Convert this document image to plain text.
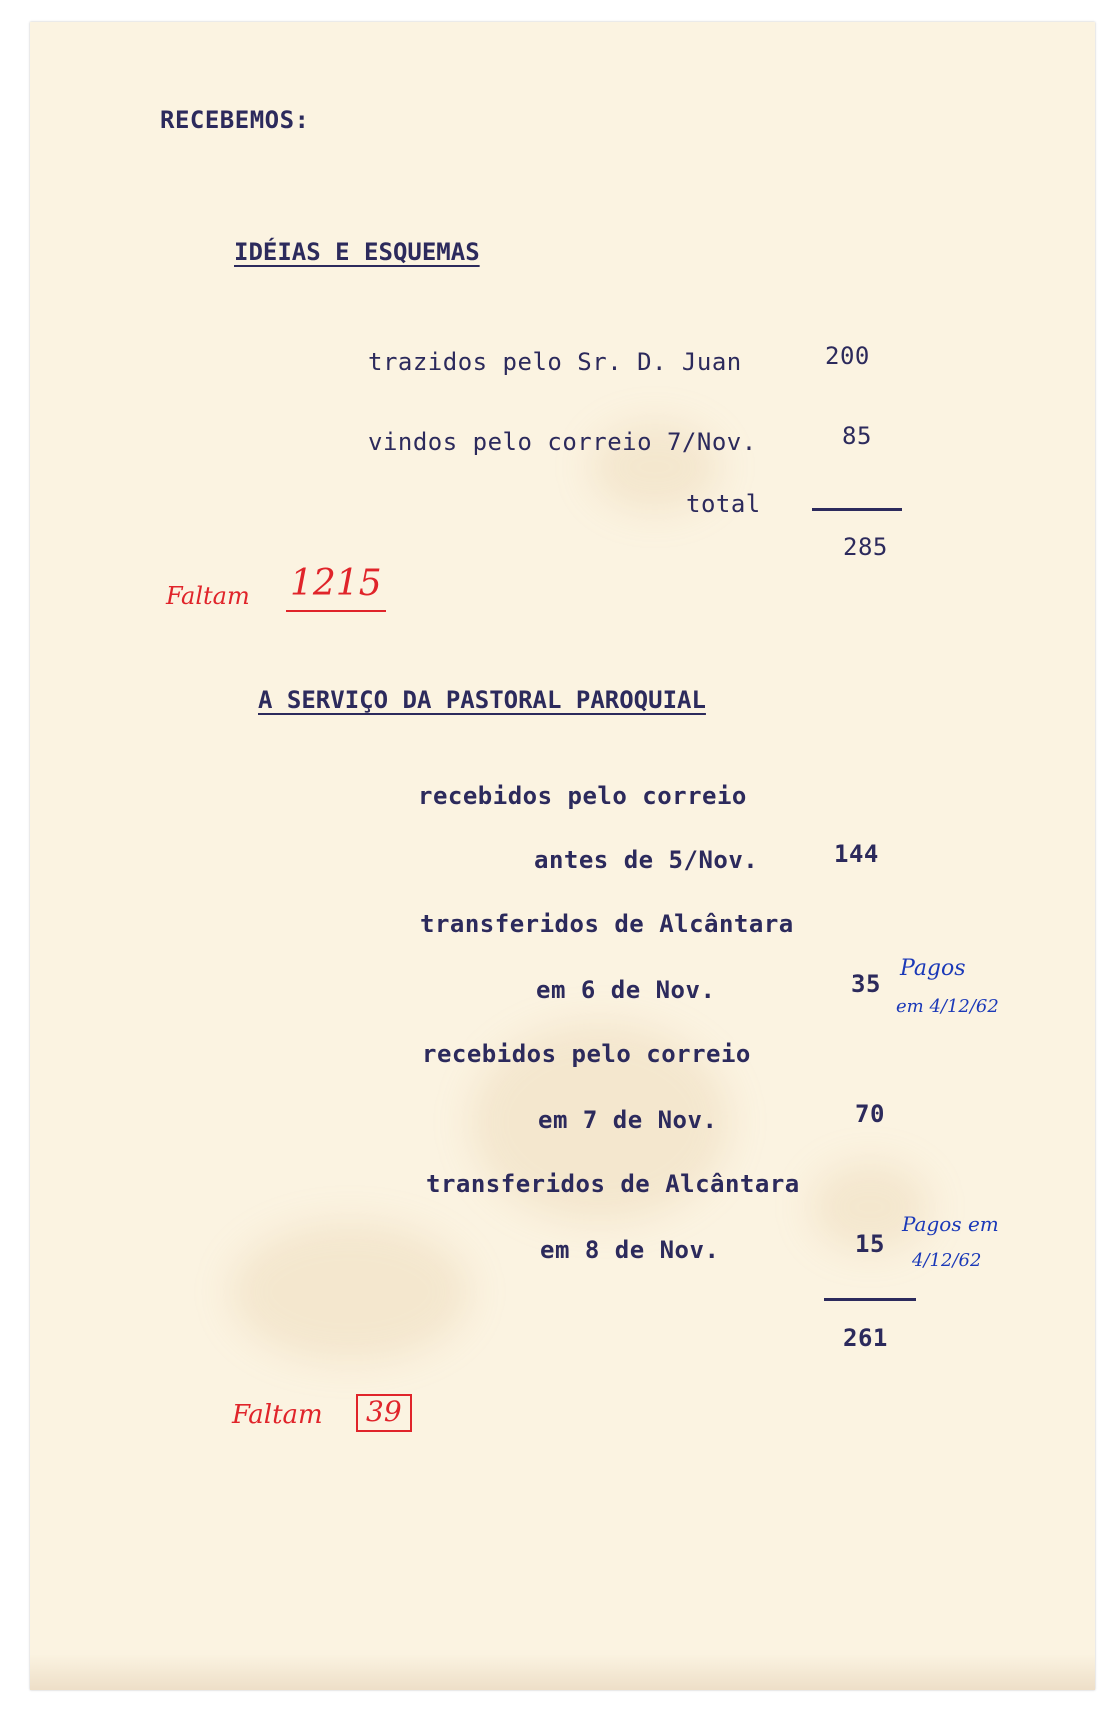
RECEBEMOS:
IDÉIAS E ESQUEMAS
trazidos pelo Sr. D. Juan	200
vindos pelo correio 7/Nov.	85
total
285
Faltam 1215
A SERVIÇO DA PASTORAL PAROQUIAL
recebidos pelo correio
antes de 5/Nov.	144
transferidos de Alcântara
em 6 de Nov.	35
Pagos
em 4/12/62
recebidos pelo correio
em 7 de Nov.	70
transferidos de Alcântara
em 8 de Nov.	15
Pagos em
4/12/62
261
Faltam	39
